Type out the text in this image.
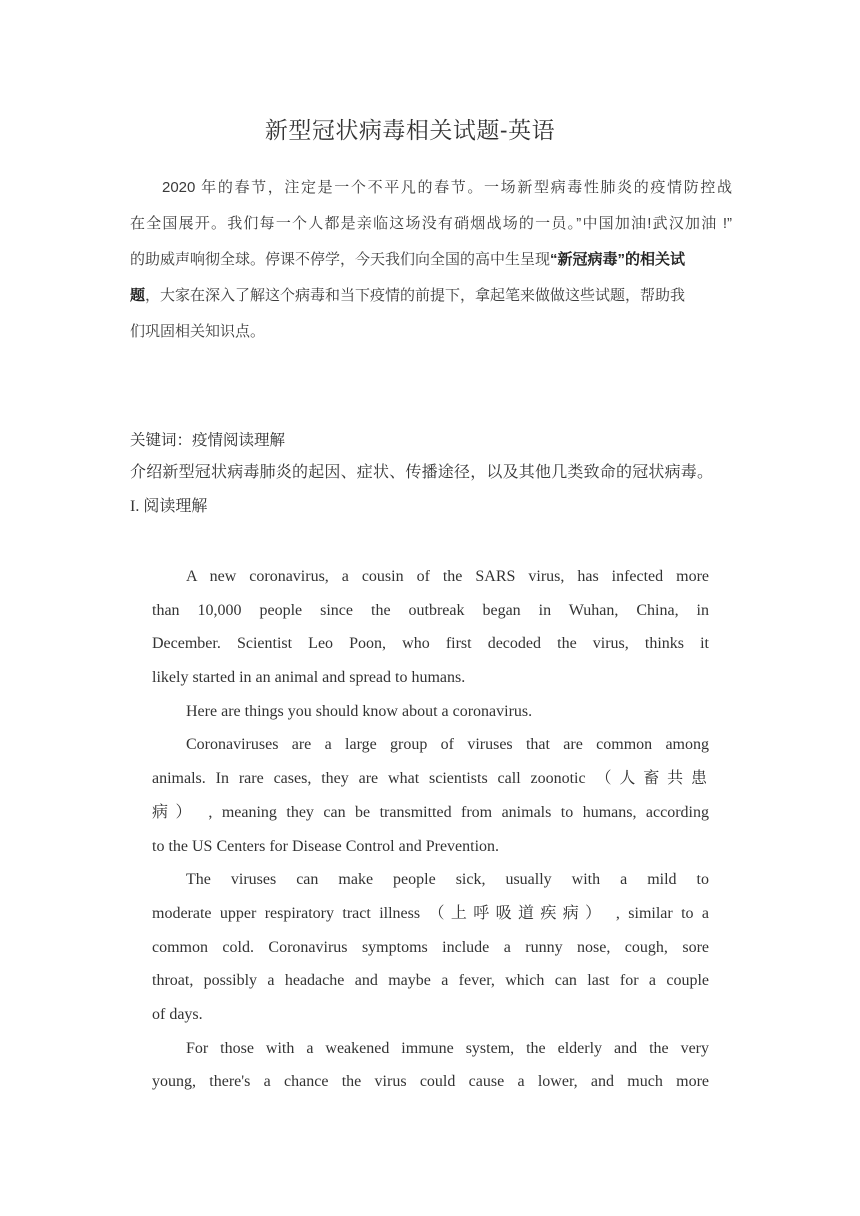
新型冠状病毒相关试题-英语
2020 年的春节，注定是一个不平凡的春节。一场新型病毒性肺炎的疫情防控战
在全国展开。我们每一个人都是亲临这场没有硝烟战场的一员。”中国加油!武汉加油 !”
的助威声响彻全球。停课不停学，今天我们向全国的高中生呈现“新冠病毒”的相关试
题，大家在深入了解这个病毒和当下疫情的前提下，拿起笔来做做这些试题，帮助我
们巩固相关知识点。
关键词：疫情阅读理解
介绍新型冠状病毒肺炎的起因、症状、传播途径，以及其他几类致命的冠状病毒。
I. 阅读理解
A new coronavirus, a cousin of the SARS virus, has infected more
than 10,000 people since the outbreak began in Wuhan, China, in
December. Scientist Leo Poon, who first decoded the virus, thinks it
likely started in an animal and spread to humans.
Here are things you should know about a coronavirus.
Coronaviruses are a large group of viruses that are common among
animals. In rare cases, they are what scientists call zoonotic （人畜共患
病） , meaning they can be transmitted from animals to humans, according
to the US Centers for Disease Control and Prevention.
The viruses can make people sick, usually with a mild to
moderate upper respiratory tract illness （上呼吸道疾病） , similar to a
common cold. Coronavirus symptoms include a runny nose, cough, sore
throat, possibly a headache and maybe a fever, which can last for a couple
of days.
For those with a weakened immune system, the elderly and the very
young, there's a chance the virus could cause a lower, and much more
